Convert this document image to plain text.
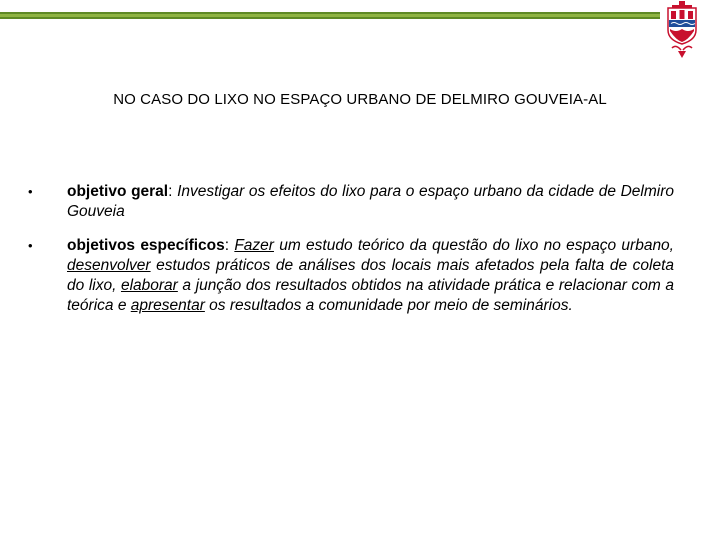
NO CASO DO LIXO NO ESPAÇO URBANO DE DELMIRO GOUVEIA-AL
• objetivo geral: Investigar os efeitos do lixo para o espaço urbano da cidade de Delmiro Gouveia
• objetivos específicos: Fazer um estudo teórico da questão do lixo no espaço urbano, desenvolver estudos práticos de análises dos locais mais afetados pela falta de coleta do lixo, elaborar a junção dos resultados obtidos na atividade prática e relacionar com a teórica e apresentar os resultados a comunidade por meio de seminários.
